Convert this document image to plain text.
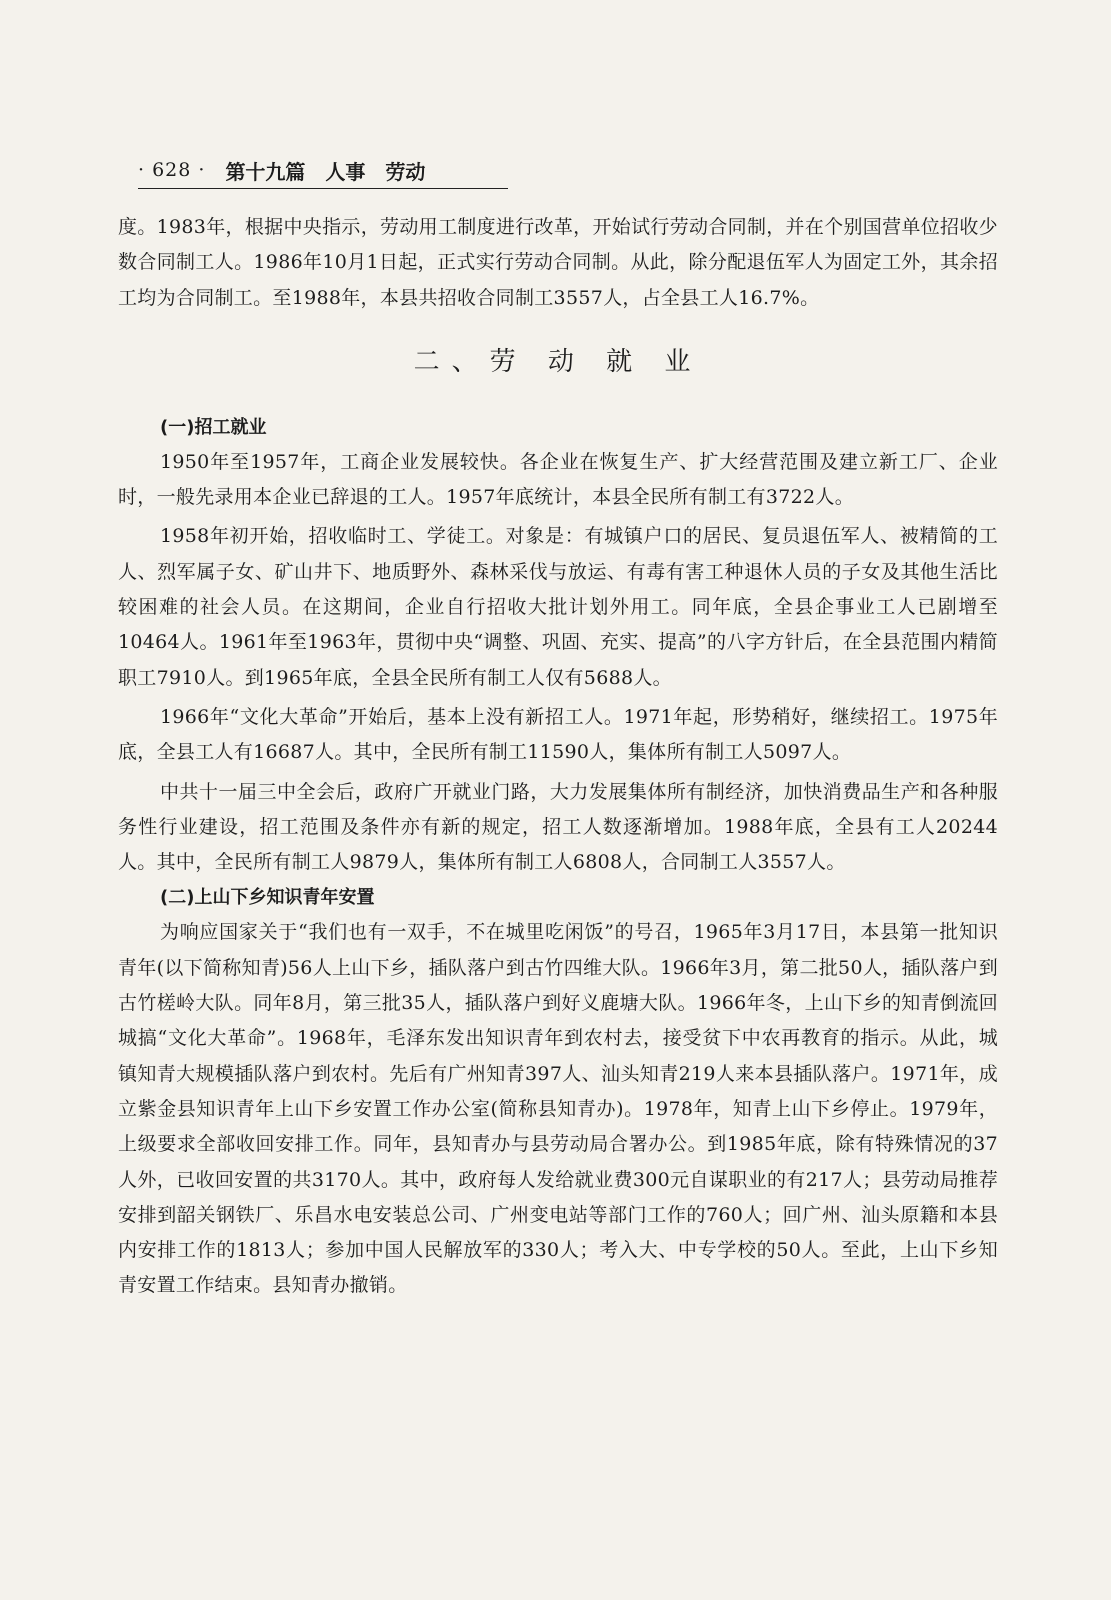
· 628 · 第十九篇　人事　劳动

度。1983年，根据中央指示，劳动用工制度进行改革，开始试行劳动合同制，并在个别国营单位招收少数合同制工人。1986年10月1日起，正式实行劳动合同制。从此，除分配退伍军人为固定工外，其余招工均为合同制工。至1988年，本县共招收合同制工3557人，占全县工人16.7%。

二、劳 动 就 业
(一)招工就业

1950年至1957年，工商企业发展较快。各企业在恢复生产、扩大经营范围及建立新工厂、企业时，一般先录用本企业已辞退的工人。1957年底统计，本县全民所有制工有3722人。

1958年初开始，招收临时工、学徒工。对象是：有城镇户口的居民、复员退伍军人、被精简的工人、烈军属子女、矿山井下、地质野外、森林采伐与放运、有毒有害工种退休人员的子女及其他生活比较困难的社会人员。在这期间，企业自行招收大批计划外用工。同年底，全县企事业工人已剧增至10464人。1961年至1963年，贯彻中央“调整、巩固、充实、提高”的八字方针后，在全县范围内精简职工7910人。到1965年底，全县全民所有制工人仅有5688人。

1966年“文化大革命”开始后，基本上没有新招工人。1971年起，形势稍好，继续招工。1975年底，全县工人有16687人。其中，全民所有制工11590人，集体所有制工人5097人。

中共十一届三中全会后，政府广开就业门路，大力发展集体所有制经济，加快消费品生产和各种服务性行业建设，招工范围及条件亦有新的规定，招工人数逐渐增加。1988年底，全县有工人20244人。其中，全民所有制工人9879人，集体所有制工人6808人，合同制工人3557人。

(二)上山下乡知识青年安置

为响应国家关于“我们也有一双手，不在城里吃闲饭”的号召，1965年3月17日，本县第一批知识青年(以下简称知青)56人上山下乡，插队落户到古竹四维大队。1966年3月，第二批50人，插队落户到古竹槎岭大队。同年8月，第三批35人，插队落户到好义鹿塘大队。1966年冬，上山下乡的知青倒流回城搞“文化大革命”。1968年，毛泽东发出知识青年到农村去，接受贫下中农再教育的指示。从此，城镇知青大规模插队落户到农村。先后有广州知青397人、汕头知青219人来本县插队落户。1971年，成立紫金县知识青年上山下乡安置工作办公室(简称县知青办)。1978年，知青上山下乡停止。1979年，上级要求全部收回安排工作。同年，县知青办与县劳动局合署办公。到1985年底，除有特殊情况的37人外，已收回安置的共3170人。其中，政府每人发给就业费300元自谋职业的有217人；县劳动局推荐安排到韶关钢铁厂、乐昌水电安装总公司、广州变电站等部门工作的760人；回广州、汕头原籍和本县内安排工作的1813人；参加中国人民解放军的330人；考入大、中专学校的50人。至此，上山下乡知青安置工作结束。县知青办撤销。
